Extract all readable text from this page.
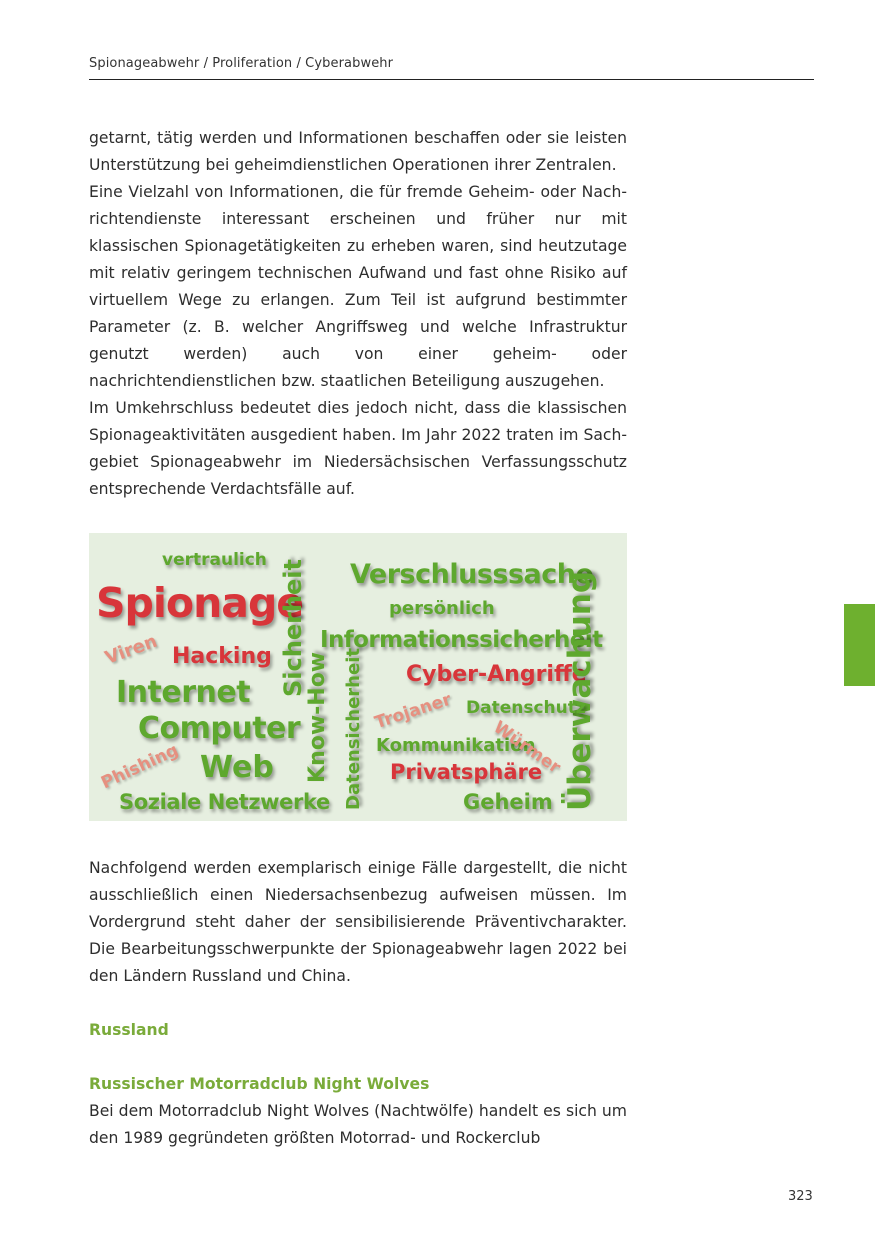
Spionageabwehr / Proliferation / Cyberabwehr

getarnt, tätig werden und Informationen beschaffen oder sie leisten Unterstützung bei geheimdienstlichen Operationen ihrer Zentralen.

Eine Vielzahl von Informationen, die für fremde Geheim- oder Nachrichtendienste interessant erscheinen und früher nur mit klassischen Spionagetätigkeiten zu erheben waren, sind heutzutage mit relativ geringem technischen Aufwand und fast ohne Risiko auf virtuellem Wege zu erlangen. Zum Teil ist aufgrund bestimmter Parameter (z. B. welcher Angriffsweg und welche Infrastruktur genutzt werden) auch von einer geheim- oder nachrichtendienstlichen bzw. staatlichen Beteiligung auszugehen.

Im Umkehrschluss bedeutet dies jedoch nicht, dass die klassischen Spionageaktivitäten ausgedient haben. Im Jahr 2022 traten im Sachgebiet Spionageabwehr im Niedersächsischen Verfassungsschutz entsprechende Verdachtsfälle auf.

vertraulich	Verschlusssache
Spionage
Sicherheit	persönlich
Informationssicherheit
Viren Hacking
Internet Know-How	Cyber-Angriffe
Überwachung
Trojaner Datenschutz
Computer Datensicherheit Kommunikation
Würmer
Phishing Web	Privatsphäre
Soziale Netzwerke	Geheim

Nachfolgend werden exemplarisch einige Fälle dargestellt, die nicht ausschließlich einen Niedersachsenbezug aufweisen müssen. Im Vordergrund steht daher der sensibilisierende Präventivcharakter. Die Bearbeitungsschwerpunkte der Spionageabwehr lagen 2022 bei den Ländern Russland und China.

Russland
Russischer Motorradclub Night Wolves

Bei dem Motorradclub Night Wolves (Nachtwölfe) handelt es sich um den 1989 gegründeten größten Motorrad- und Rockerclub

323
